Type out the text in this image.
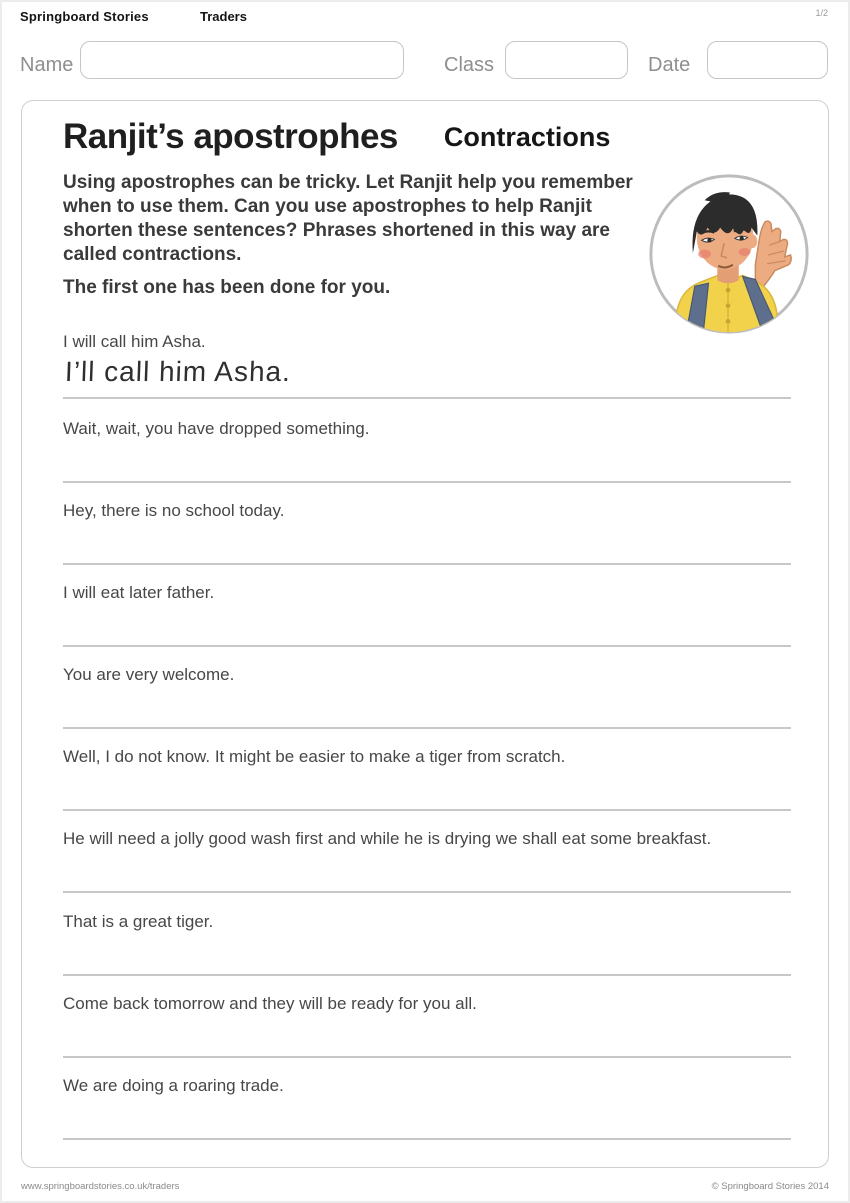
Springboard Stories	Traders	1/2
Name	Class	Date
Ranjit’s apostrophes Contractions

Using apostrophes can be tricky. Let Ranjit help you remember when to use them. Can you use apostrophes to help Ranjit shorten these sentences? Phrases shortened in this way are called contractions.

The first one has been done for you.

I will call him Asha.

I’ll call him Asha.

Wait, wait, you have dropped something.

Hey, there is no school today.

I will eat later father.

You are very welcome.

Well, I do not know. It might be easier to make a tiger from scratch.

He will need a jolly good wash first and while he is drying we shall eat some breakfast.

That is a great tiger.

Come back tomorrow and they will be ready for you all.

We are doing a roaring trade.

www.springboardstories.co.uk/traders	© Springboard Stories 2014
